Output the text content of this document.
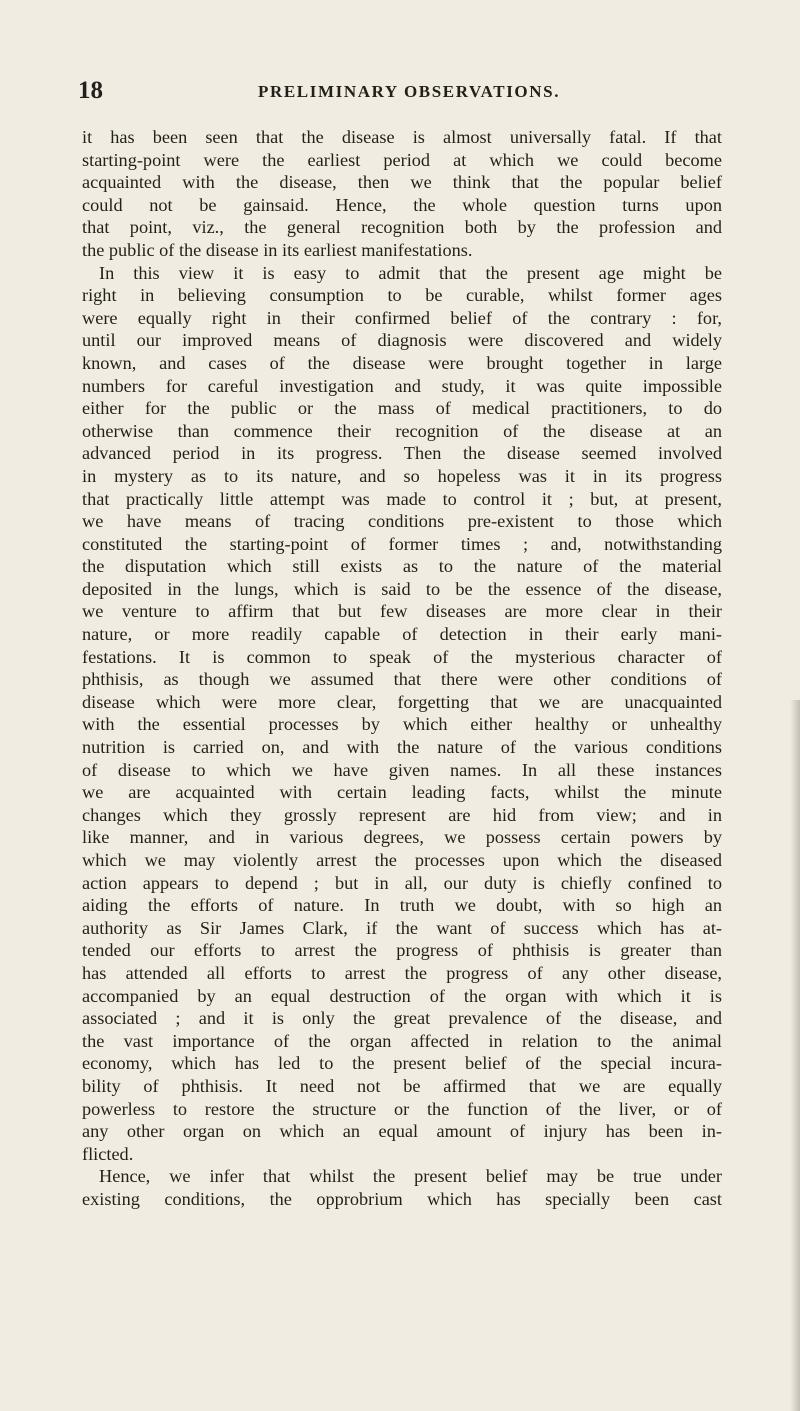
18	PRELIMINARY OBSERVATIONS.
it has been seen that the disease is almost universally fatal. If that
starting-point were the earliest period at which we could become
acquainted with the disease, then we think that the popular belief
could not be gainsaid. Hence, the whole question turns upon
that point, viz., the general recognition both by the profession and
the public of the disease in its earliest manifestations.
In this view it is easy to admit that the present age might be
right in believing consumption to be curable, whilst former ages
were equally right in their confirmed belief of the contrary : for,
until our improved means of diagnosis were discovered and widely
known, and cases of the disease were brought together in large
numbers for careful investigation and study, it was quite impossible
either for the public or the mass of medical practitioners, to do
otherwise than commence their recognition of the disease at an
advanced period in its progress. Then the disease seemed involved
in mystery as to its nature, and so hopeless was it in its progress
that practically little attempt was made to control it ; but, at present,
we have means of tracing conditions pre-existent to those which
constituted the starting-point of former times ; and, notwithstanding
the disputation which still exists as to the nature of the material
deposited in the lungs, which is said to be the essence of the disease,
we venture to affirm that but few diseases are more clear in their
nature, or more readily capable of detection in their early mani-
festations. It is common to speak of the mysterious character of
phthisis, as though we assumed that there were other conditions of
disease which were more clear, forgetting that we are unacquainted
with the essential processes by which either healthy or unhealthy
nutrition is carried on, and with the nature of the various conditions
of disease to which we have given names. In all these instances
we are acquainted with certain leading facts, whilst the minute
changes which they grossly represent are hid from view; and in
like manner, and in various degrees, we possess certain powers by
which we may violently arrest the processes upon which the diseased
action appears to depend ; but in all, our duty is chiefly confined to
aiding the efforts of nature. In truth we doubt, with so high an
authority as Sir James Clark, if the want of success which has at-
tended our efforts to arrest the progress of phthisis is greater than
has attended all efforts to arrest the progress of any other disease,
accompanied by an equal destruction of the organ with which it is
associated ; and it is only the great prevalence of the disease, and
the vast importance of the organ affected in relation to the animal
economy, which has led to the present belief of the special incura-
bility of phthisis. It need not be affirmed that we are equally
powerless to restore the structure or the function of the liver, or of
any other organ on which an equal amount of injury has been in-
flicted.
Hence, we infer that whilst the present belief may be true under
existing conditions, the opprobrium which has specially been cast
